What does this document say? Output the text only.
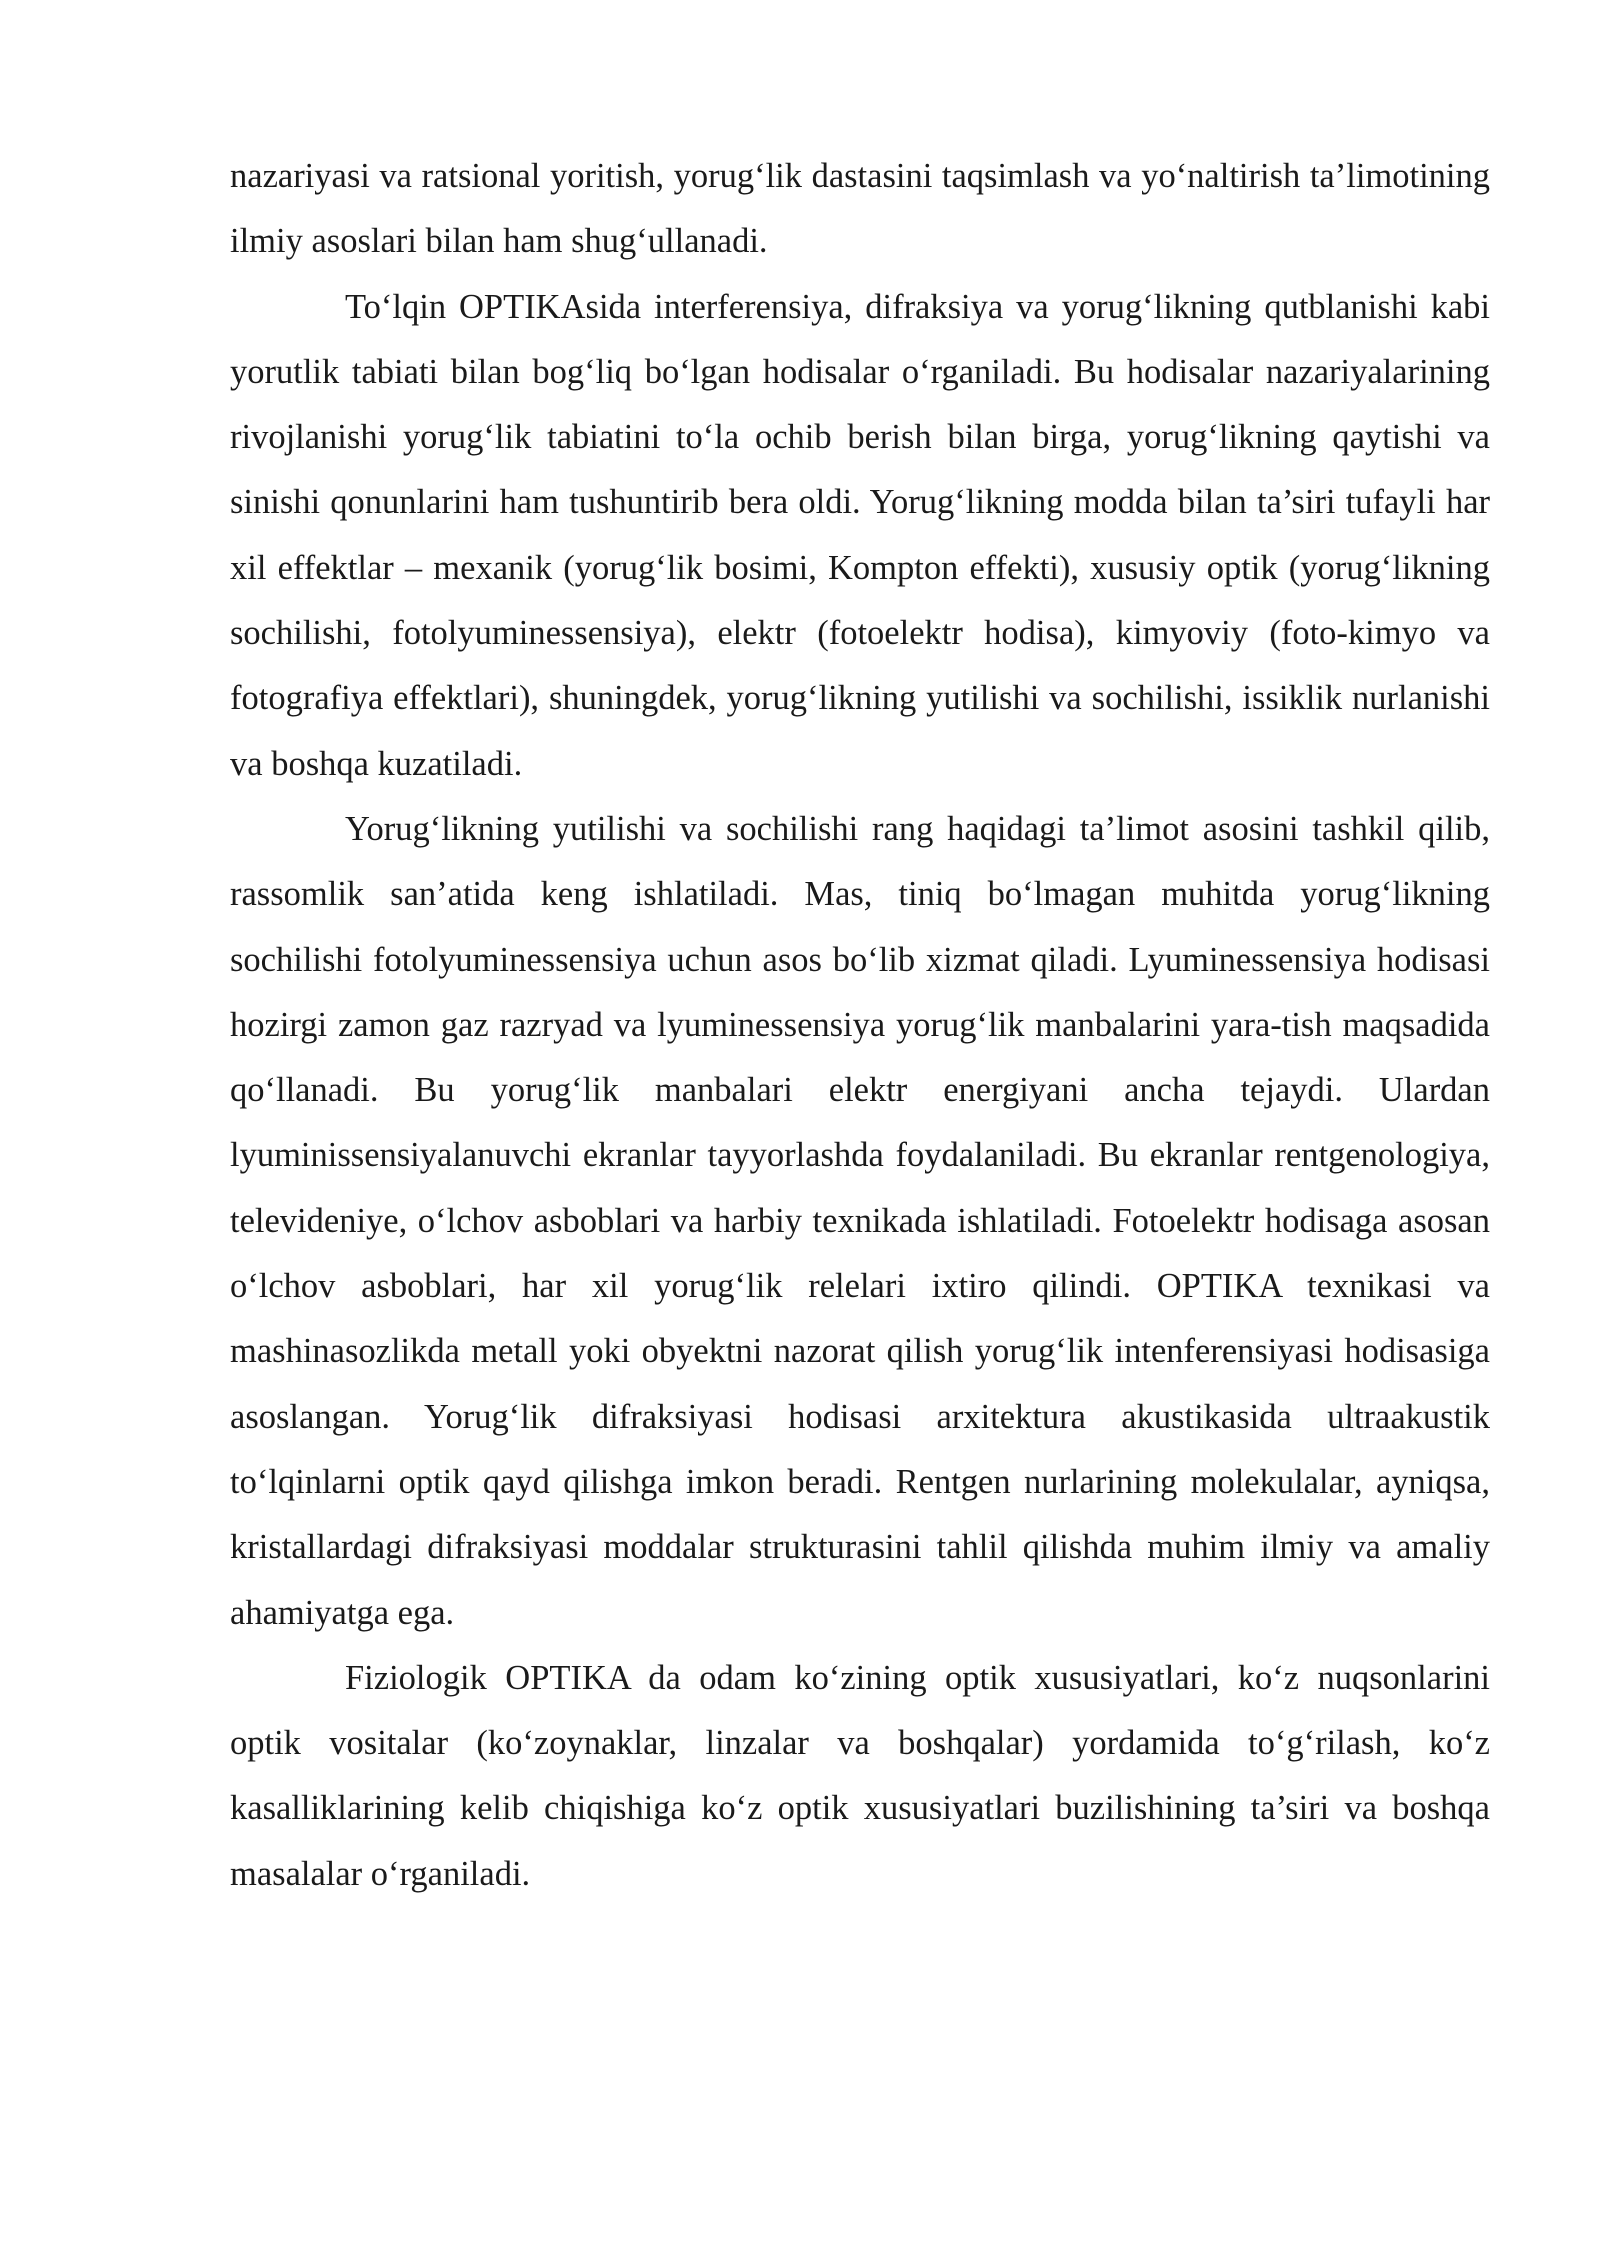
nazariyasi va ratsional yoritish, yorug‘lik dastasini taqsimlash va yo‘naltirish ta’limotining ilmiy asoslari bilan ham shug‘ullanadi.

To‘lqin OPTIKAsida interferensiya, difraksiya va yorug‘likning qutblanishi kabi yorutlik tabiati bilan bog‘liq bo‘lgan hodisalar o‘rganiladi. Bu hodisalar nazariyalarining rivojlanishi yorug‘lik tabiatini to‘la ochib berish bilan birga, yorug‘likning qaytishi va sinishi qonunlarini ham tushuntirib bera oldi. Yorug‘likning modda bilan ta’siri tufayli har xil effektlar – mexanik (yorug‘lik bosimi, Kompton effekti), xususiy optik (yorug‘likning sochilishi, fotolyuminessensiya), elektr (fotoelektr hodisa), kimyoviy (foto-kimyo va fotografiya effektlari), shuningdek, yorug‘likning yutilishi va sochilishi, issiklik nurlanishi va boshqa kuzatiladi.

Yorug‘likning yutilishi va sochilishi rang haqidagi ta’limot asosini tashkil qilib, rassomlik san’atida keng ishlatiladi. Mas, tiniq bo‘lmagan muhitda yorug‘likning sochilishi fotolyuminessensiya uchun asos bo‘lib xizmat qiladi. Lyuminessensiya hodisasi hozirgi zamon gaz razryad va lyuminessensiya yorug‘lik manbalarini yara-tish maqsadida qo‘llanadi. Bu yorug‘lik manbalari elektr energiyani ancha tejaydi. Ulardan lyuminissensiyalanuvchi ekranlar tayyorlashda foydalaniladi. Bu ekranlar rentgenologiya, televideniye, o‘lchov asboblari va harbiy texnikada ishlatiladi. Fotoelektr hodisaga asosan o‘lchov asboblari, har xil yorug‘lik relelari ixtiro qilindi. OPTIKA texnikasi va mashinasozlikda metall yoki obyektni nazorat qilish yorug‘lik intenferensiyasi hodisasiga asoslangan. Yorug‘lik difraksiyasi hodisasi arxitektura akustikasida ultraakustik to‘lqinlarni optik qayd qilishga imkon beradi. Rentgen nurlarining molekulalar, ayniqsa, kristallardagi difraksiyasi moddalar strukturasini tahlil qilishda muhim ilmiy va amaliy ahamiyatga ega.

Fiziologik OPTIKA da odam ko‘zining optik xususiyatlari, ko‘z nuqsonlarini optik vositalar (ko‘zoynaklar, linzalar va boshqalar) yordamida to‘g‘rilash, ko‘z kasalliklarining kelib chiqishiga ko‘z optik xususiyatlari buzilishining ta’siri va boshqa masalalar o‘rganiladi.
